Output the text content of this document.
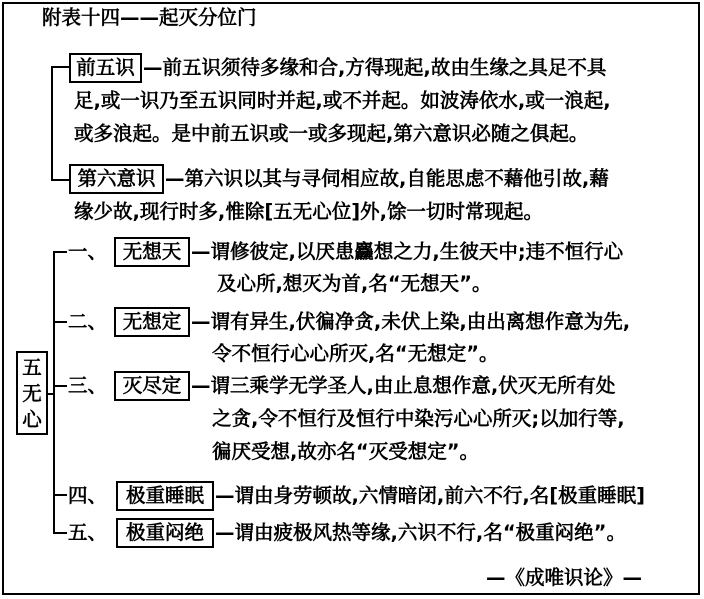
附表十四——起灭分位门
前五识 —前五识须待多缘和合,方得现起,故由生缘之具足不具
足,或一识乃至五识同时并起,或不并起。如波涛依水,或一浪起,
或多浪起。是中前五识或一或多现起,第六意识必随之俱起。
第六意识 —第六识以其与寻伺相应故,自能思虑不藉他引故,藉
缘少故,现行时多,惟除[五无心位]外,馀一切时常现起。
五
无
心
一、 无想天 —谓修彼定,以厌患麤想之力,生彼天中;违不恒行心
及心所,想灭为首,名“无想天”。
二、 无想定 —谓有异生,伏徧净贪,未伏上染,由出离想作意为先,
令不恒行心心所灭,名“无想定”。
三、 灭尽定 —谓三乘学无学圣人,由止息想作意,伏灭无所有处
之贪,令不恒行及恒行中染污心心所灭;以加行等,
徧厌受想,故亦名“灭受想定”。
四、 极重睡眠 —谓由身劳顿故,六情暗闭,前六不行,名[极重睡眠]
五、 极重闷绝 —谓由疲极风热等缘,六识不行,名“极重闷绝”。
—《成唯识论》—
